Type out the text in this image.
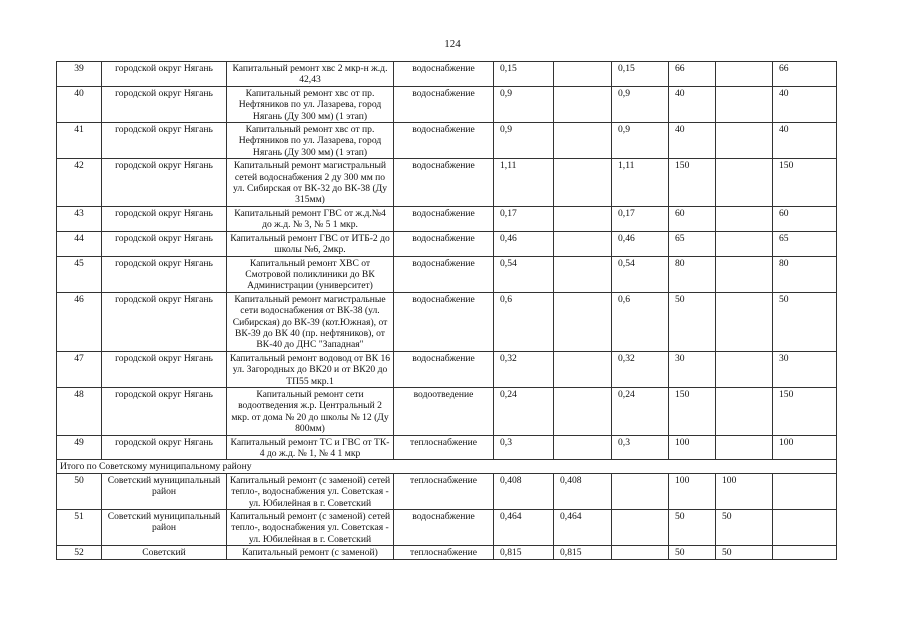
124
39	городской округ Нягань	Капитальный ремонт хвс 2 мкр-н ж.д. 42,43	водоснабжение	0,15		0,15	66		66
40	городской округ Нягань	Капитальный ремонт хвс от пр. Нефтяников по ул. Лазарева, город Нягань (Ду 300 мм) (1 этап)	водоснабжение	0,9		0,9	40		40
41	городской округ Нягань	Капитальный ремонт хвс от пр. Нефтяников по ул. Лазарева, город Нягань (Ду 300 мм) (1 этап)	водоснабжение	0,9		0,9	40		40
42	городской округ Нягань	Капитальный ремонт магистральный сетей водоснабжения 2 ду 300 мм по ул. Сибирская от ВК-32 до ВК-38 (Ду 315мм)	водоснабжение	1,11		1,11	150		150
43	городской округ Нягань	Капитальный ремонт ГВС от ж.д.№4 до ж.д. № 3, № 5 1 мкр.	водоснабжение	0,17		0,17	60		60
44	городской округ Нягань	Капитальный ремонт ГВС от ИТБ-2 до школы №6, 2мкр.	водоснабжение	0,46		0,46	65		65
45	городской округ Нягань	Капитальный ремонт ХВС от Смотровой поликлиники до ВК Администрации (университет)	водоснабжение	0,54		0,54	80		80
46	городской округ Нягань	Капитальный ремонт магистральные сети водоснабжения от ВК-38 (ул. Сибирская) до ВК-39 (кот.Южная), от ВК-39 до ВК 40 (пр. нефтяников), от ВК-40 до ДНС "Западная"	водоснабжение	0,6		0,6	50		50
47	городской округ Нягань	Капитальный ремонт водовод от ВК 16 ул. Загородных до ВК20 и от ВК20 до ТП55 мкр.1	водоснабжение	0,32		0,32	30		30
48	городской округ Нягань	Капитальный ремонт сети водоотведения ж.р. Центральный 2 мкр. от дома № 20 до школы № 12 (Ду 800мм)	водоотведение	0,24		0,24	150		150
49	городской округ Нягань	Капитальный ремонт ТС и ГВС от ТК- 4 до ж.д. № 1, № 4 1 мкр	теплоснабжение	0,3		0,3	100		100
Итого по Советскому муниципальному району									
50	Советский муниципальный район	Капитальный ремонт (с заменой) сетей тепло-, водоснабжения ул. Советская - ул. Юбилейная в г. Советский	теплоснабжение	0,408	0,408		100	100	
51	Советский муниципальный район	Капитальный ремонт (с заменой) сетей тепло-, водоснабжения ул. Советская - ул. Юбилейная в г. Советский	водоснабжение	0,464	0,464		50	50	
52	Советский	Капитальный ремонт (с заменой)	теплоснабжение	0,815	0,815		50	50	
